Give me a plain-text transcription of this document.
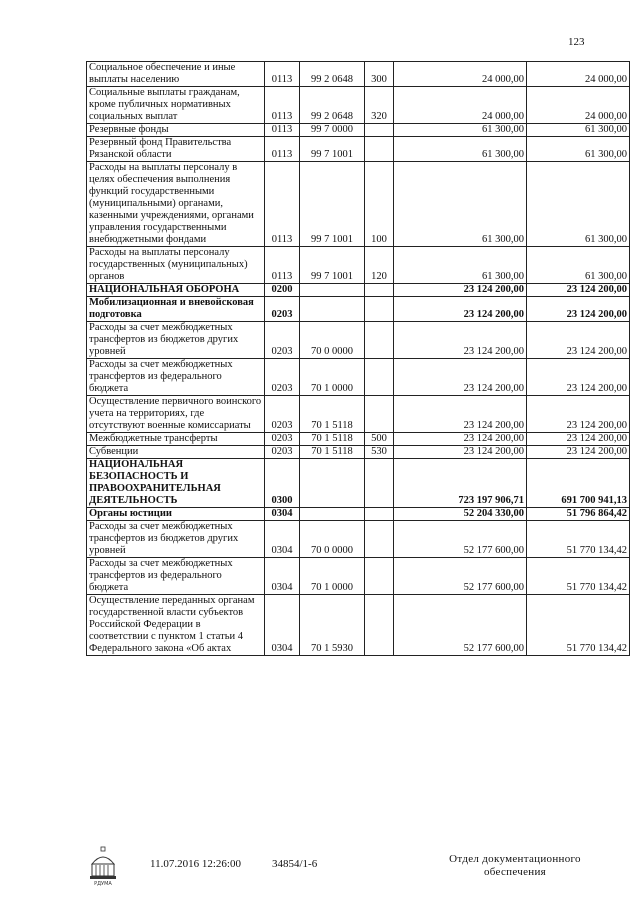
123
Социальное обеспечение и иные выплаты населению	0113	99 2 0648	300	24 000,00	24 000,00
Социальные выплаты гражданам, кроме публичных нормативных социальных выплат	0113	99 2 0648	320	24 000,00	24 000,00
Резервные фонды	0113	99 7 0000		61 300,00	61 300,00
Резервный фонд Правительства Рязанской области	0113	99 7 1001		61 300,00	61 300,00
Расходы на выплаты персоналу в целях обеспечения выполнения функций государственными (муниципальными) органами, казенными учреждениями, органами управления государственными внебюджетными фондами	0113	99 7 1001	100	61 300,00	61 300,00
Расходы на выплаты персоналу государственных (муниципальных) органов	0113	99 7 1001	120	61 300,00	61 300,00
НАЦИОНАЛЬНАЯ ОБОРОНА	0200			23 124 200,00	23 124 200,00
Мобилизационная и вневойсковая подготовка	0203			23 124 200,00	23 124 200,00
Расходы за счет межбюджетных трансфертов из бюджетов других уровней	0203	70 0 0000		23 124 200,00	23 124 200,00
Расходы за счет межбюджетных трансфертов из федерального бюджета	0203	70 1 0000		23 124 200,00	23 124 200,00
Осуществление первичного воинского учета на территориях, где отсутствуют военные комиссариаты	0203	70 1 5118		23 124 200,00	23 124 200,00
Межбюджетные трансферты	0203	70 1 5118	500	23 124 200,00	23 124 200,00
Субвенции	0203	70 1 5118	530	23 124 200,00	23 124 200,00
НАЦИОНАЛЬНАЯ БЕЗОПАСНОСТЬ И ПРАВООХРАНИТЕЛЬНАЯ ДЕЯТЕЛЬНОСТЬ	0300			723 197 906,71	691 700 941,13
Органы юстиции	0304			52 204 330,00	51 796 864,42
Расходы за счет межбюджетных трансфертов из бюджетов других уровней	0304	70 0 0000		52 177 600,00	51 770 134,42
Расходы за счет межбюджетных трансфертов из федерального бюджета	0304	70 1 0000		52 177 600,00	51 770 134,42
Осуществление переданных органам государственной власти субъектов Российской Федерации в соответствии с пунктом 1 статьи 4 Федерального закона «Об актах	0304	70 1 5930		52 177 600,00	51 770 134,42
РДУМА
11.07.2016 12:26:00	34854/1-6	Отдел документационного обеспечения
